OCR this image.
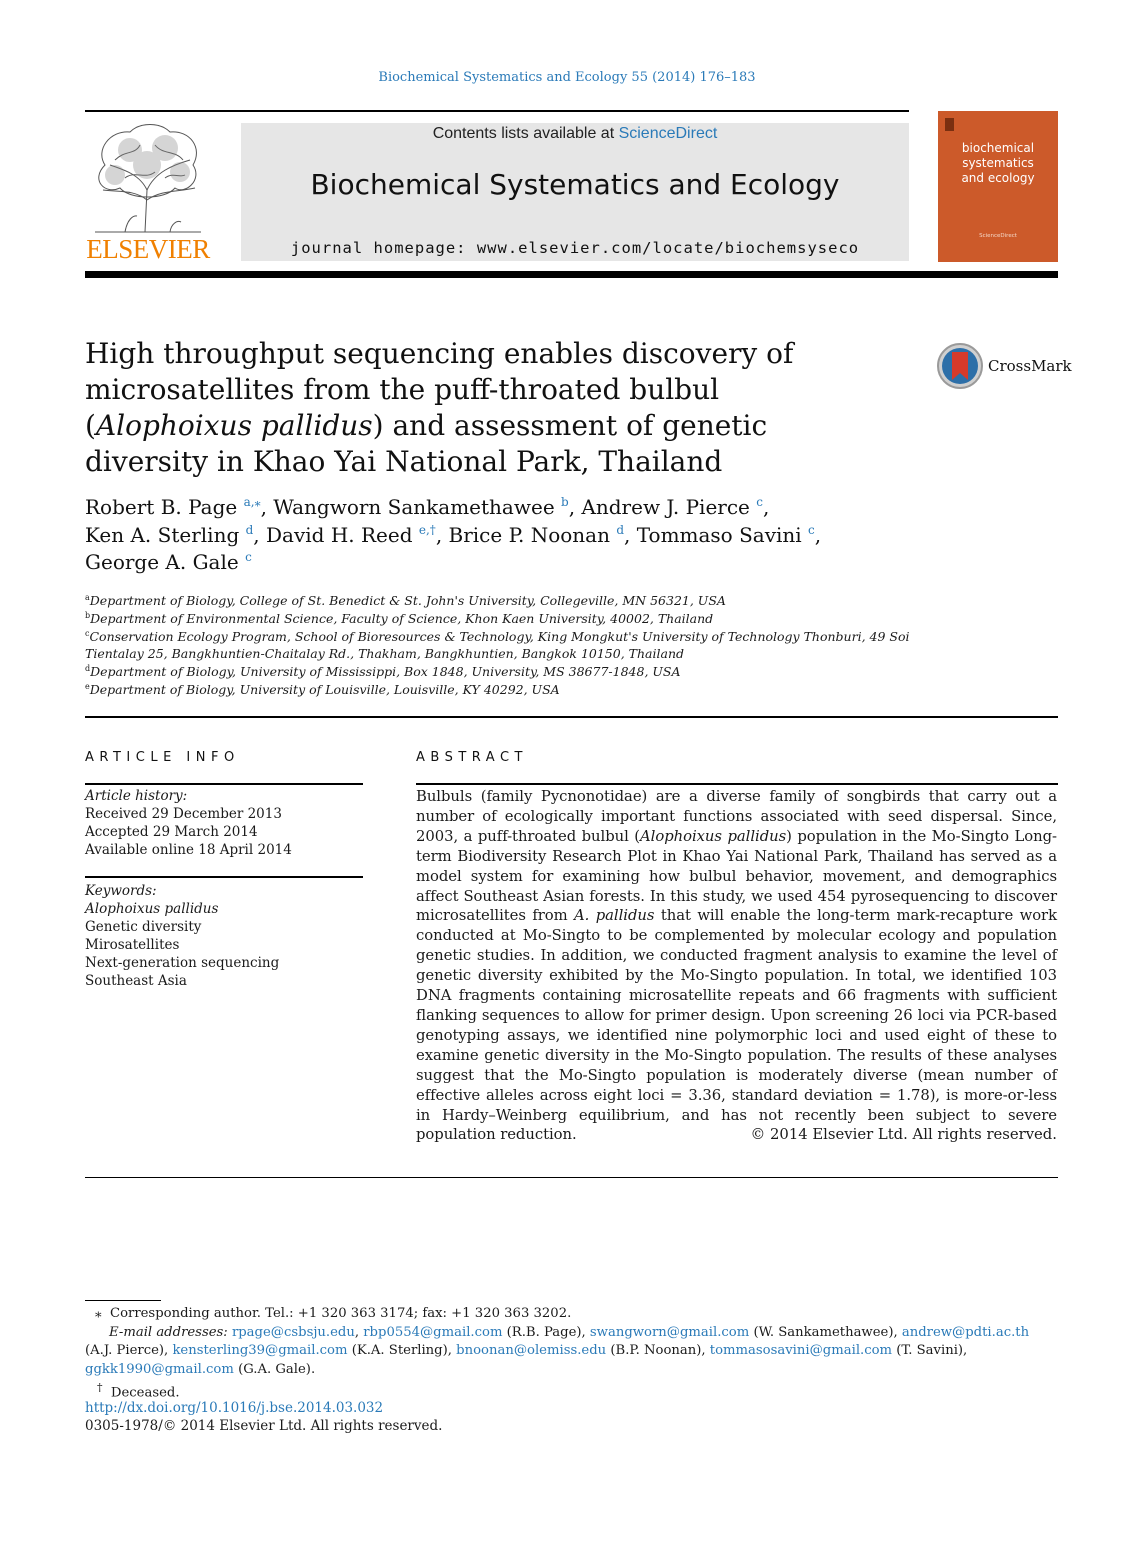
Biochemical Systematics and Ecology 55 (2014) 176–183
ELSEVIER
Contents lists available at ScienceDirect
Biochemical Systematics and Ecology
journal homepage: www.elsevier.com/locate/biochemsyseco
biochemical systematics and ecology
ScienceDirect
High throughput sequencing enables discovery of microsatellites from the puff-throated bulbul (Alophoixus pallidus) and assessment of genetic diversity in Khao Yai National Park, Thailand
CrossMark
Robert B. Page $^{a,⁎}$, Wangworn Sankamethawee $^b$, Andrew J. Pierce $^c$,
Ken A. Sterling $^d$, David H. Reed $^{e,\dagger}$, Brice P. Noonan $^d$, Tommaso Savini $^c$,
George A. Gale $^c$
$^a$Department of Biology, College of St. Benedict & St. John's University, Collegeville, MN 56321, USA
$^b$Department of Environmental Science, Faculty of Science, Khon Kaen University, 40002, Thailand
$^c$Conservation Ecology Program, School of Bioresources & Technology, King Mongkut's University of Technology Thonburi, 49 Soi
Tientalay 25, Bangkhuntien-Chaitalay Rd., Thakham, Bangkhuntien, Bangkok 10150, Thailand
$^d$Department of Biology, University of Mississippi, Box 1848, University, MS 38677-1848, USA
$^e$Department of Biology, University of Louisville, Louisville, KY 40292, USA
ARTICLE INFO
Article history:
Received 29 December 2013
Accepted 29 March 2014
Available online 18 April 2014
Keywords:
Alophoixus pallidus
Genetic diversity
Mirosatellites
Next-generation sequencing
Southeast Asia
ABSTRACT
Bulbuls (family Pycnonotidae) are a diverse family of songbirds that carry out a number of ecologically important functions associated with seed dispersal. Since, 2003, a puff-throated bulbul (Alophoixus pallidus) population in the Mo-Singto Long-term Biodiversity Research Plot in Khao Yai National Park, Thailand has served as a model system for examining how bulbul behavior, movement, and demographics affect Southeast Asian forests. In this study, we used 454 pyrosequencing to discover microsatellites from A. pallidus that will enable the long-term mark-recapture work conducted at Mo-Singto to be complemented by molecular ecology and population genetic studies. In addition, we conducted fragment analysis to examine the level of genetic diversity exhibited by the Mo-Singto population. In total, we identified 103 DNA fragments containing microsatellite repeats and 66 fragments with sufficient flanking sequences to allow for primer design. Upon screening 26 loci via PCR-based genotyping assays, we identified nine polymorphic loci and used eight of these to examine genetic diversity in the Mo-Singto population. The results of these analyses suggest that the Mo-Singto population is moderately diverse (mean number of effective alleles across eight loci = 3.36, standard deviation = 1.78), is more-or-less in Hardy–Weinberg equilibrium, and has not recently been subject to severe population reduction.	© 2014 Elsevier Ltd. All rights reserved.
⁎ Corresponding author. Tel.: +1 320 363 3174; fax: +1 320 363 3202.
E-mail addresses: rpage@csbsju.edu, rbp0554@gmail.com (R.B. Page), swangworn@gmail.com (W. Sankamethawee), andrew@pdti.ac.th (A.J. Pierce), kensterling39@gmail.com (K.A. Sterling), bnoonan@olemiss.edu (B.P. Noonan), tommasosavini@gmail.com (T. Savini), ggkk1990@gmail.com (G.A. Gale).
† Deceased.
http://dx.doi.org/10.1016/j.bse.2014.03.032
0305-1978/© 2014 Elsevier Ltd. All rights reserved.
